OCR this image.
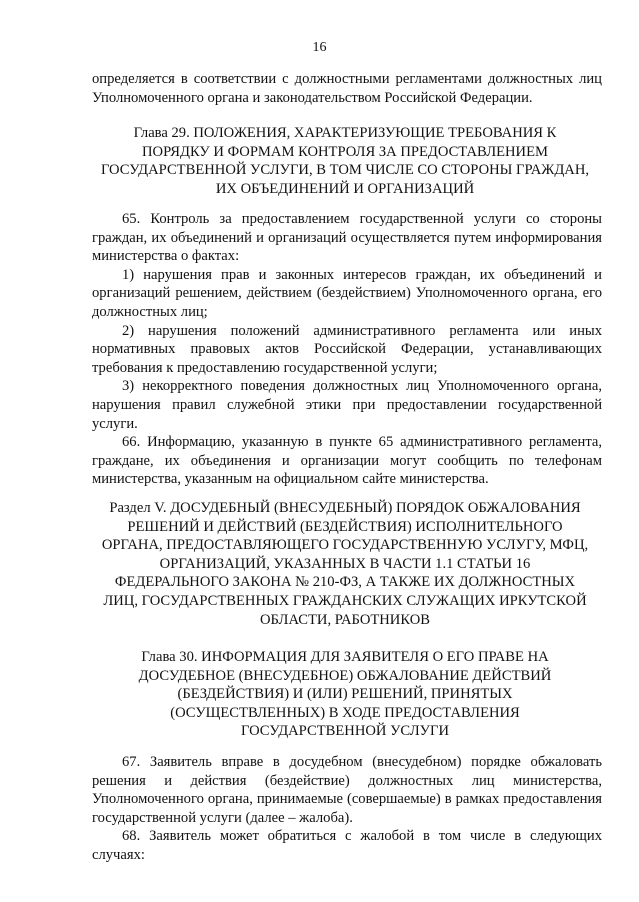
16

определяется в соответствии с должностными регламентами должностных лиц Уполномоченного органа и законодательством Российской Федерации.

Глава 29. ПОЛОЖЕНИЯ, ХАРАКТЕРИЗУЮЩИЕ ТРЕБОВАНИЯ К
ПОРЯДКУ И ФОРМАМ КОНТРОЛЯ ЗА ПРЕДОСТАВЛЕНИЕМ
ГОСУДАРСТВЕННОЙ УСЛУГИ, В ТОМ ЧИСЛЕ СО СТОРОНЫ ГРАЖДАН,
ИХ ОБЪЕДИНЕНИЙ И ОРГАНИЗАЦИЙ

65. Контроль за предоставлением государственной услуги со стороны граждан, их объединений и организаций осуществляется путем информирования министерства о фактах:

1) нарушения прав и законных интересов граждан, их объединений и организаций решением, действием (бездействием) Уполномоченного органа, его должностных лиц;

2) нарушения положений административного регламента или иных нормативных правовых актов Российской Федерации, устанавливающих требования к предоставлению государственной услуги;

3) некорректного поведения должностных лиц Уполномоченного органа, нарушения правил служебной этики при предоставлении государственной услуги.

66. Информацию, указанную в пункте 65 административного регламента, граждане, их объединения и организации могут сообщить по телефонам министерства, указанным на официальном сайте министерства.

Раздел V. ДОСУДЕБНЫЙ (ВНЕСУДЕБНЫЙ) ПОРЯДОК ОБЖАЛОВАНИЯ
РЕШЕНИЙ И ДЕЙСТВИЙ (БЕЗДЕЙСТВИЯ) ИСПОЛНИТЕЛЬНОГО
ОРГАНА, ПРЕДОСТАВЛЯЮЩЕГО ГОСУДАРСТВЕННУЮ УСЛУГУ, МФЦ,
ОРГАНИЗАЦИЙ, УКАЗАННЫХ В ЧАСТИ 1.1 СТАТЬИ 16
ФЕДЕРАЛЬНОГО ЗАКОНА № 210-ФЗ, А ТАКЖЕ ИХ ДОЛЖНОСТНЫХ
ЛИЦ, ГОСУДАРСТВЕННЫХ ГРАЖДАНСКИХ СЛУЖАЩИХ ИРКУТСКОЙ
ОБЛАСТИ, РАБОТНИКОВ
Глава 30. ИНФОРМАЦИЯ ДЛЯ ЗАЯВИТЕЛЯ О ЕГО ПРАВЕ НА
ДОСУДЕБНОЕ (ВНЕСУДЕБНОЕ) ОБЖАЛОВАНИЕ ДЕЙСТВИЙ
(БЕЗДЕЙСТВИЯ) И (ИЛИ) РЕШЕНИЙ, ПРИНЯТЫХ
(ОСУЩЕСТВЛЕННЫХ) В ХОДЕ ПРЕДОСТАВЛЕНИЯ
ГОСУДАРСТВЕННОЙ УСЛУГИ

67. Заявитель вправе в досудебном (внесудебном) порядке обжаловать решения и действия (бездействие) должностных лиц министерства, Уполномоченного органа, принимаемые (совершаемые) в рамках предоставления государственной услуги (далее – жалоба).

68. Заявитель может обратиться с жалобой в том числе в следующих случаях:
